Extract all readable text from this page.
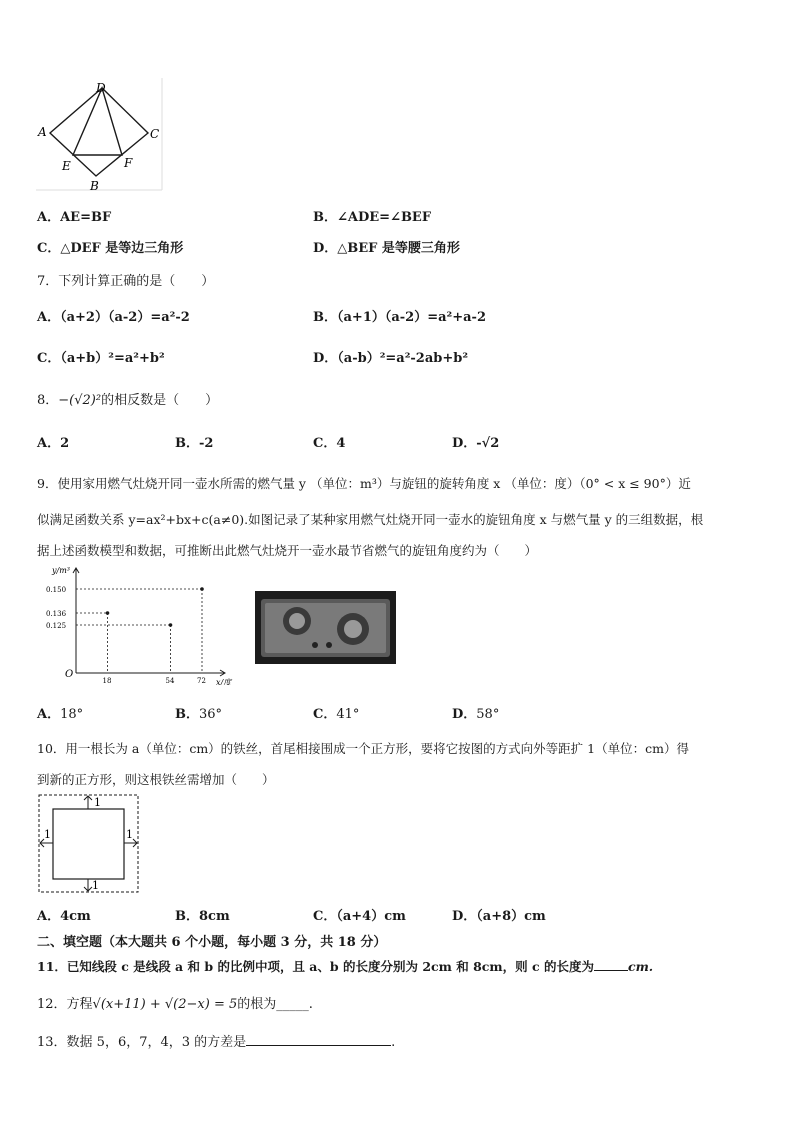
D
A	C
E	F
B
A．AE=BF	B．∠ADE=∠BEF
C．△DEF 是等边三角形	D．△BEF 是等腰三角形
7．下列计算正确的是（　　）
A．（a+2）（a-2）=a²-2	B．（a+1）（a-2）=a²+a-2
C．（a+b）²=a²+b²	D．（a-b）²=a²-2ab+b²
8．−(√2)²的相反数是（　　）
A．2	B．-2	C．4	D．-√2
9．使用家用燃气灶烧开同一壶水所需的燃气量 y （单位：m³）与旋钮的旋转角度 x （单位：度）（0° < x ≤ 90°）近
似满足函数关系 y=ax²+bx+c(a≠0).如图记录了某种家用燃气灶烧开同一壶水的旋钮角度 x 与燃气量 y 的三组数据，根
据上述函数模型和数据，可推断出此燃气灶烧开一壶水最节省燃气的旋钮角度约为（　　）
y/m³
x/度
O
18	54	72
0.150
0.136
0.125
A．18°	B．36°	C．41°	D．58°
10．用一根长为 a（单位：cm）的铁丝，首尾相接围成一个正方形，要将它按图的方式向外等距扩 1（单位：cm）得
到新的正方形，则这根铁丝需增加（　　）
1
1
1	1
A．4cm	B．8cm	C．（a+4）cm	D．（a+8）cm
二、填空题（本大题共 6 个小题，每小题 3 分，共 18 分）
11．已知线段 c 是线段 a 和 b 的比例中项，且 a、b 的长度分别为 2cm 和 8cm，则 c 的长度为	cm.
12．方程√(x+11) + √(2−x) = 5的根为_____.
13．数据 5，6，7，4，3 的方差是	.
